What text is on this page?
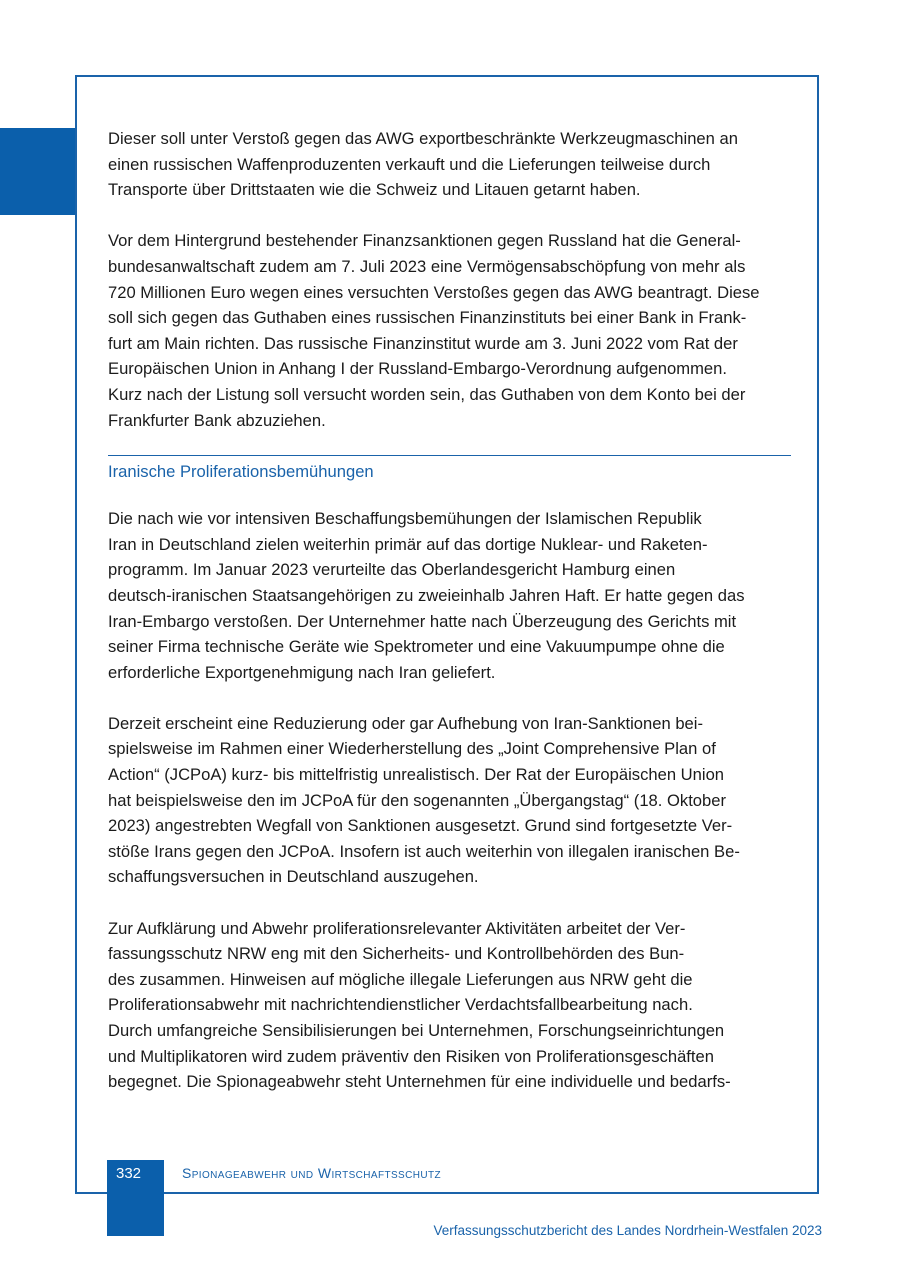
Dieser soll unter Verstoß gegen das AWG exportbeschränkte Werkzeugmaschinen an
einen russischen Waffenproduzenten verkauft und die Lieferungen teilweise durch
Transporte über Drittstaaten wie die Schweiz und Litauen getarnt haben.

Vor dem Hintergrund bestehender Finanzsanktionen gegen Russland hat die General-
bundesanwaltschaft zudem am 7. Juli 2023 eine Vermögensabschöpfung von mehr als
720 Millionen Euro wegen eines versuchten Verstoßes gegen das AWG beantragt. Diese
soll sich gegen das Guthaben eines russischen Finanzinstituts bei einer Bank in Frank-
furt am Main richten. Das russische Finanzinstitut wurde am 3. Juni 2022 vom Rat der
Europäischen Union in Anhang I der Russland-Embargo-Verordnung aufgenommen.
Kurz nach der Listung soll versucht worden sein, das Guthaben von dem Konto bei der
Frankfurter Bank abzuziehen.

Iranische Proliferationsbemühungen

Die nach wie vor intensiven Beschaffungsbemühungen der Islamischen Republik
Iran in Deutschland zielen weiterhin primär auf das dortige Nuklear- und Raketen-
programm. Im Januar 2023 verurteilte das Oberlandesgericht Hamburg einen
deutsch-iranischen Staatsangehörigen zu zweieinhalb Jahren Haft. Er hatte gegen das
Iran-Embargo verstoßen. Der Unternehmer hatte nach Überzeugung des Gerichts mit
seiner Firma technische Geräte wie Spektrometer und eine Vakuumpumpe ohne die
erforderliche Exportgenehmigung nach Iran geliefert.

Derzeit erscheint eine Reduzierung oder gar Aufhebung von Iran-Sanktionen bei-
spielsweise im Rahmen einer Wiederherstellung des „Joint Comprehensive Plan of
Action“ (JCPoA) kurz- bis mittelfristig unrealistisch. Der Rat der Europäischen Union
hat beispielsweise den im JCPoA für den sogenannten „Übergangstag“ (18. Oktober
2023) angestrebten Wegfall von Sanktionen ausgesetzt. Grund sind fortgesetzte Ver-
stöße Irans gegen den JCPoA. Insofern ist auch weiterhin von illegalen iranischen Be-
schaffungsversuchen in Deutschland auszugehen.

Zur Aufklärung und Abwehr proliferationsrelevanter Aktivitäten arbeitet der Ver-
fassungsschutz NRW eng mit den Sicherheits- und Kontrollbehörden des Bun-
des zusammen. Hinweisen auf mögliche illegale Lieferungen aus NRW geht die
Proliferationsabwehr mit nachrichtendienstlicher Verdachtsfallbearbeitung nach.
Durch umfangreiche Sensibilisierungen bei Unternehmen, Forschungseinrichtungen
und Multiplikatoren wird zudem präventiv den Risiken von Proliferationsgeschäften
begegnet. Die Spionageabwehr steht Unternehmen für eine individuelle und bedarfs-

332	Spionageabwehr und Wirtschaftsschutz
Verfassungsschutzbericht des Landes Nordrhein-Westfalen 2023
